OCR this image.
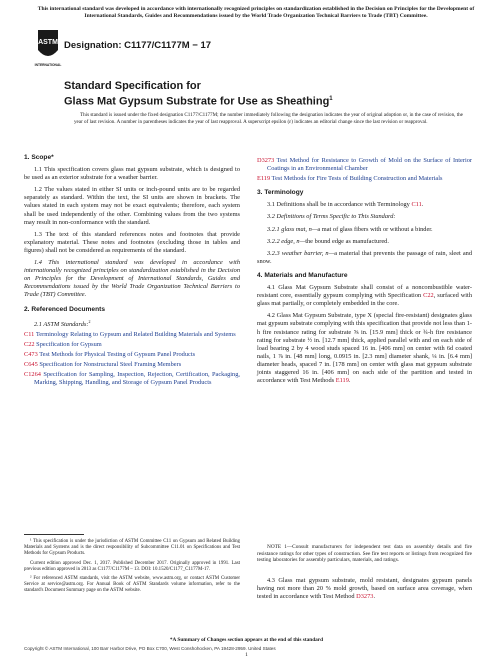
This international standard was developed in accordance with internationally recognized principles on standardization established in the Decision on Principles for the Development of International Standards, Guides and Recommendations issued by the World Trade Organization Technical Barriers to Trade (TBT) Committee.
ASTM
INTERNATIONAL
Designation: C1177/C1177M − 17
Standard Specification for
Glass Mat Gypsum Substrate for Use as Sheathing$^1$
This standard is issued under the fixed designation C1177/C1177M; the number immediately following the designation indicates the year of original adoption or, in the case of revision, the year of last revision. A number in parentheses indicates the year of last reapproval. A superscript epsilon (ε) indicates an editorial change since the last revision or reapproval.
1. Scope*

1.1 This specification covers glass mat gypsum substrate, which is designed to be used as an exterior substrate for a weather barrier.

1.2 The values stated in either SI units or inch-pound units are to be regarded separately as standard. Within the text, the SI units are shown in brackets. The values stated in each system may not be exact equivalents; therefore, each system shall be used independently of the other. Combining values from the two systems may result in non-conformance with the standard.

1.3 The text of this standard references notes and footnotes that provide explanatory material. These notes and footnotes (excluding those in tables and figures) shall not be considered as requirements of the standard.

1.4 This international standard was developed in accordance with internationally recognized principles on standardization established in the Decision on Principles for the Development of International Standards, Guides and Recommendations issued by the World Trade Organization Technical Barriers to Trade (TBT) Committee.

2. Referenced Documents
2.1 ASTM Standards:$^2$
C11 Terminology Relating to Gypsum and Related Building Materials and Systems
C22 Specification for Gypsum
C473 Test Methods for Physical Testing of Gypsum Panel Products
C645 Specification for Nonstructural Steel Framing Members
C1264 Specification for Sampling, Inspection, Rejection, Certification, Packaging, Marking, Shipping, Handling, and Storage of Gypsum Panel Products
D3273 Test Method for Resistance to Growth of Mold on the Surface of Interior Coatings in an Environmental Chamber
E119 Test Methods for Fire Tests of Building Construction and Materials
3. Terminology

3.1 Definitions shall be in accordance with Terminology C11.

3.2 Definitions of Terms Specific to This Standard:

3.2.1 glass mat, n—a mat of glass fibers with or without a binder.

3.2.2 edge, n—the bound edge as manufactured.

3.2.3 weather barrier, n—a material that prevents the passage of rain, sleet and snow.

4. Materials and Manufacture

4.1 Glass Mat Gypsum Substrate shall consist of a noncombustible water-resistant core, essentially gypsum complying with Specification C22, surfaced with glass mat partially, or completely embedded in the core.

4.2 Glass Mat Gypsum Substrate, type X (special fire-resistant) designates glass mat gypsum substrate complying with this specification that provide not less than 1-h fire resistance rating for substrate ⅝ in. [15.9 mm] thick or ¾-h fire resistance rating for substrate ½ in. [12.7 mm] thick, applied parallel with and on each side of load bearing 2 by 4 wood studs spaced 16 in. [406 mm] on center with 6d coated nails, 1 ⅞ in. [48 mm] long, 0.0915 in. [2.3 mm] diameter shank, ¼ in. [6.4 mm] diameter heads, spaced 7 in. [178 mm] on center with glass mat gypsum substrate joints staggered 16 in. [406 mm] on each side of the partition and tested in accordance with Test Methods E119.

¹ This specification is under the jurisdiction of ASTM Committee C11 on Gypsum and Related Building Materials and Systems and is the direct responsibility of Subcommittee C11.01 on Specifications and Test Methods for Gypsum Products.

Current edition approved Dec. 1, 2017. Published December 2017. Originally approved in 1991. Last previous edition approved in 2013 as C1177/C1177M – 13. DOI: 10.1520/C1177_C1177M-17.

² For referenced ASTM standards, visit the ASTM website, www.astm.org, or contact ASTM Customer Service at service@astm.org. For Annual Book of ASTM Standards volume information, refer to the standard's Document Summary page on the ASTM website.

NOTE 1—Consult manufacturers for independent test data on assembly details and fire resistance ratings for other types of construction. See fire test reports or listings from recognized fire testing laboratories for assembly particulars, materials, and ratings.
4.3 Glass mat gypsum substrate, mold resistant, designates gypsum panels having not more than 20 % mold growth, based on surface area coverage, when tested in accordance with Test Method D3273.
*A Summary of Changes section appears at the end of this standard
Copyright © ASTM International, 100 Barr Harbor Drive, PO Box C700, West Conshohocken, PA 19428-2959. United States
1
